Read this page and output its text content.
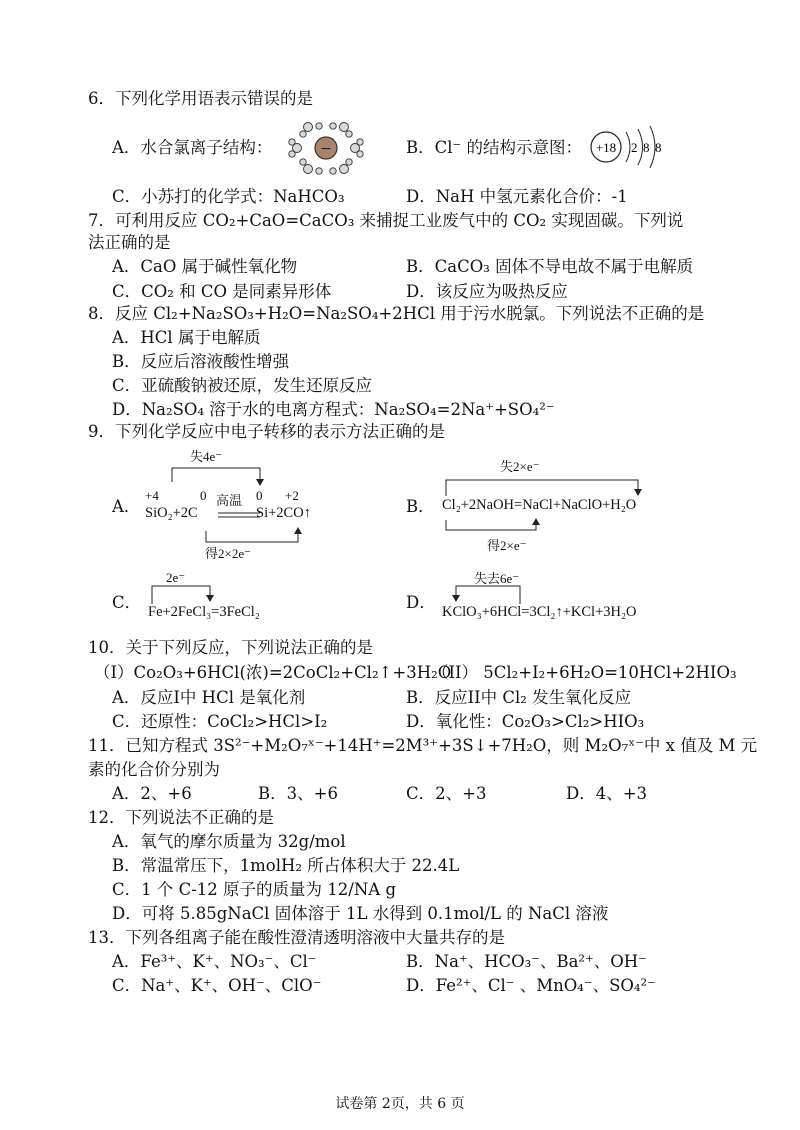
6．下列化学用语表示错误的是
A．水合氯离子结构：	−	B．Cl⁻ 的结构示意图： +18 2 8 8
C．小苏打的化学式：NaHCO₃	D．NaH 中氢元素化合价：-1
7．可利用反应 CO₂+CaO=CaCO₃ 来捕捉工业废气中的 CO₂ 实现固碳。下列说
法正确的是
A．CaO 属于碱性氧化物	B．CaCO₃ 固体不导电故不属于电解质
C．CO₂ 和 CO 是同素异形体	D．该反应为吸热反应
8．反应 Cl₂+Na₂SO₃+H₂O=Na₂SO₄+2HCl 用于污水脱氯。下列说法不正确的是
A．HCl 属于电解质
B．反应后溶液酸性增强
C．亚硫酸钠被还原，发生还原反应
D．Na₂SO₄ 溶于水的电离方程式：Na₂SO₄=2Na⁺+SO₄²⁻
9．下列化学反应中电子转移的表示方法正确的是
A．
失4e⁻
+4	0	0 +2
高温
SiO₂+2C	Si+2CO↑
得2×2e⁻
B．
失2×e⁻
Cl₂+2NaOH=NaCl+NaClO+H₂O
得2×e⁻
C．
2e⁻
Fe+2FeCl₃=3FeCl₂	D．
失去6e⁻
KClO₃+6HCl=3Cl₂↑+KCl+3H₂O
10．关于下列反应，下列说法正确的是
（I）Co₂O₃+6HCl(浓)=2CoCl₂+Cl₂↑+3H₂O
（II） 5Cl₂+I₂+6H₂O=10HCl+2HIO₃
A．反应I中 HCl 是氧化剂	B．反应II中 Cl₂ 发生氧化反应
C．还原性：CoCl₂>HCl>I₂	D．氧化性：Co₂O₃>Cl₂>HIO₃
11．已知方程式 3S²⁻+M₂O₇ˣ⁻+14H⁺=2M³⁺+3S↓+7H₂O，则 M₂O₇ˣ⁻中 x 值及 M 元
素的化合价分别为
A．2、+6	B．3、+6	C．2、+3	D．4、+3
12．下列说法不正确的是
A．氧气的摩尔质量为 32g/mol
B．常温常压下，1molH₂ 所占体积大于 22.4L
C．1 个 C-12 原子的质量为 12/NA g
D．可将 5.85gNaCl 固体溶于 1L 水得到 0.1mol/L 的 NaCl 溶液
13．下列各组离子能在酸性澄清透明溶液中大量共存的是
A．Fe³⁺、K⁺、NO₃⁻、Cl⁻	B．Na⁺、HCO₃⁻、Ba²⁺、OH⁻
C．Na⁺、K⁺、OH⁻、ClO⁻	D．Fe²⁺、Cl⁻ 、MnO₄⁻、SO₄²⁻
试卷第 2页，共 6 页
